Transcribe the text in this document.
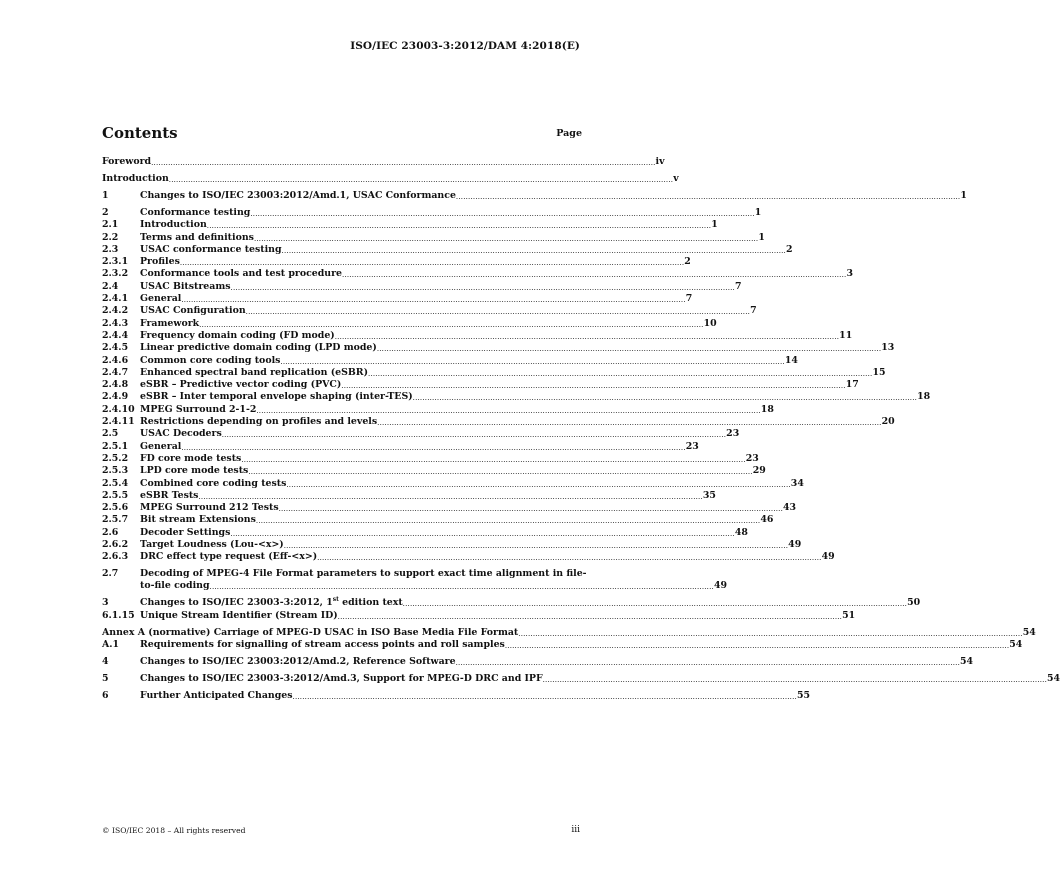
ISO/IEC 23003-3:2012/DAM 4:2018(E)
Contents	Page
Foreword .....	iv
Introduction .....	v
1	Changes to ISO/IEC 23003:2012/Amd.1, USAC Conformance .....	1
2	Conformance testing .....	1
2.1	Introduction .....	1
2.2	Terms and definitions .....	1
2.3	USAC conformance testing .....	2
2.3.1	Profiles .....	2
2.3.2	Conformance tools and test procedure .....	3
2.4	USAC Bitstreams .....	7
2.4.1	General .....	7
2.4.2	USAC Configuration .....	7
2.4.3	Framework .....	10
2.4.4	Frequency domain coding (FD mode) .....	11
2.4.5	Linear predictive domain coding (LPD mode) .....	13
2.4.6	Common core coding tools .....	14
2.4.7	Enhanced spectral band replication (eSBR) .....	15
2.4.8	eSBR – Predictive vector coding (PVC) .....	17
2.4.9	eSBR – Inter temporal envelope shaping (inter-TES) .....	18
2.4.10 MPEG Surround 2-1-2 .....	18
2.4.11 Restrictions depending on profiles and levels .....	20
2.5	USAC Decoders .....	23
2.5.1	General .....	23
2.5.2	FD core mode tests .....	23
2.5.3	LPD core mode tests .....	29
2.5.4	Combined core coding tests .....	34
2.5.5	eSBR Tests .....	35
2.5.6	MPEG Surround 212 Tests .....	43
2.5.7	Bit stream Extensions .....	46
2.6	Decoder Settings .....	48
2.6.2	Target Loudness (Lou-<x>) .....	49
2.6.3	DRC effect type request (Eff-<x>) .....	49
2.7	Decoding of MPEG-4 File Format parameters to support exact time alignment in file-
to-file coding .....	49
3	Changes to ISO/IEC 23003-3:2012, 1st edition text .....	50
6.1.15 Unique Stream Identifier (Stream ID) .....	51
Annex A (normative) Carriage of MPEG-D USAC in ISO Base Media File Format .....	54
A.1	Requirements for signalling of stream access points and roll samples .....	54
4	Changes to ISO/IEC 23003:2012/Amd.2, Reference Software .....	54
5	Changes to ISO/IEC 23003-3:2012/Amd.3, Support for MPEG-D DRC and IPF .....	54
6	Further Anticipated Changes .....	55
© ISO/IEC 2018 – All rights reserved	iii
